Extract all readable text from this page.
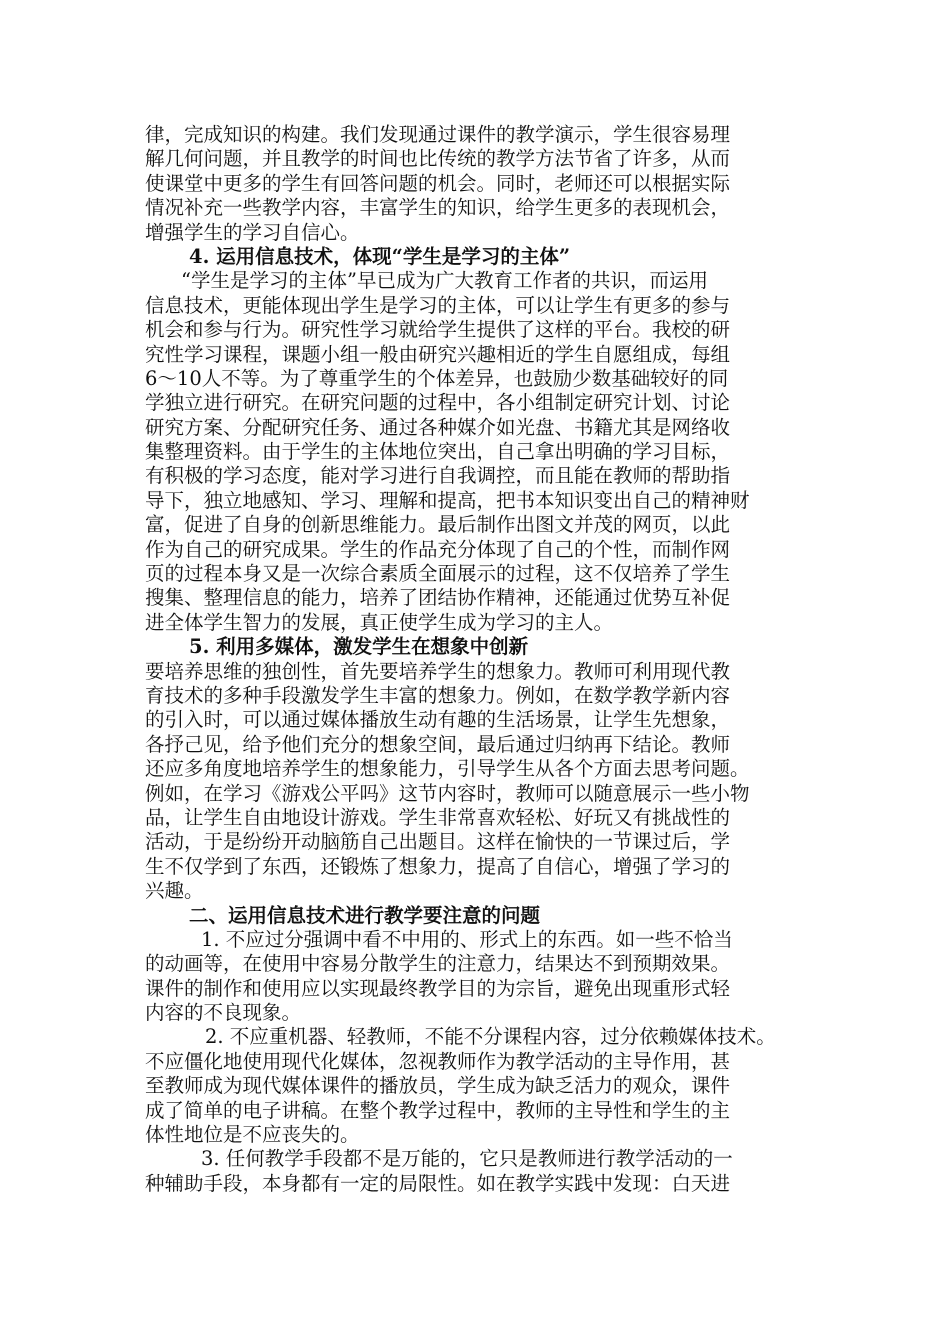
律，完成知识的构建。我们发现通过课件的教学演示，学生很容易理
解几何问题，并且教学的时间也比传统的教学方法节省了许多，从而
使课堂中更多的学生有回答问题的机会。同时，老师还可以根据实际
情况补充一些教学内容，丰富学生的知识，给学生更多的表现机会，
增强学生的学习自信心。
4. 运用信息技术，体现“学生是学习的主体”
“学生是学习的主体”早已成为广大教育工作者的共识，而运用
信息技术，更能体现出学生是学习的主体，可以让学生有更多的参与
机会和参与行为。研究性学习就给学生提供了这样的平台。我校的研
究性学习课程，课题小组一般由研究兴趣相近的学生自愿组成，每组
6～10人不等。为了尊重学生的个体差异，也鼓励少数基础较好的同
学独立进行研究。在研究问题的过程中，各小组制定研究计划、讨论
研究方案、分配研究任务、通过各种媒介如光盘、书籍尤其是网络收
集整理资料。由于学生的主体地位突出，自己拿出明确的学习目标，
有积极的学习态度，能对学习进行自我调控，而且能在教师的帮助指
导下，独立地感知、学习、理解和提高，把书本知识变出自己的精神财
富，促进了自身的创新思维能力。最后制作出图文并茂的网页，以此
作为自己的研究成果。学生的作品充分体现了自己的个性，而制作网
页的过程本身又是一次综合素质全面展示的过程，这不仅培养了学生
搜集、整理信息的能力，培养了团结协作精神，还能通过优势互补促
进全体学生智力的发展，真正使学生成为学习的主人。
5. 利用多媒体，激发学生在想象中创新
要培养思维的独创性，首先要培养学生的想象力。教师可利用现代教
育技术的多种手段激发学生丰富的想象力。例如，在数学教学新内容
的引入时，可以通过媒体播放生动有趣的生活场景，让学生先想象，
各抒己见，给予他们充分的想象空间，最后通过归纳再下结论。教师
还应多角度地培养学生的想象能力，引导学生从各个方面去思考问题。
例如，在学习《游戏公平吗》这节内容时，教师可以随意展示一些小物
品，让学生自由地设计游戏。学生非常喜欢轻松、好玩又有挑战性的
活动，于是纷纷开动脑筋自己出题目。这样在愉快的一节课过后，学
生不仅学到了东西，还锻炼了想象力，提高了自信心，增强了学习的
兴趣。
二、运用信息技术进行教学要注意的问题
1. 不应过分强调中看不中用的、形式上的东西。如一些不恰当
的动画等，在使用中容易分散学生的注意力，结果达不到预期效果。
课件的制作和使用应以实现最终教学目的为宗旨，避免出现重形式轻
内容的不良现象。
2. 不应重机器、轻教师，不能不分课程内容，过分依赖媒体技术。
不应僵化地使用现代化媒体，忽视教师作为教学活动的主导作用，甚
至教师成为现代媒体课件的播放员，学生成为缺乏活力的观众，课件
成了简单的电子讲稿。在整个教学过程中，教师的主导性和学生的主
体性地位是不应丧失的。
3. 任何教学手段都不是万能的，它只是教师进行教学活动的一
种辅助手段，本身都有一定的局限性。如在教学实践中发现：白天进
